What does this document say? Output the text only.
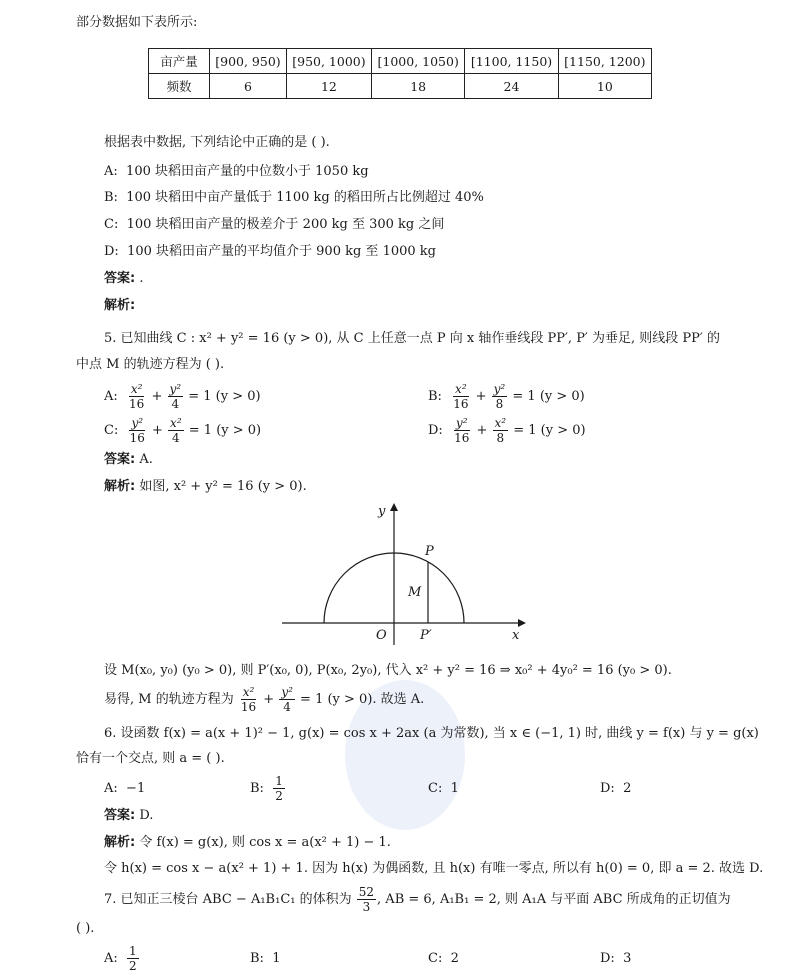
部分数据如下表所示:
亩产量	[900, 950)	[950, 1000)	[1000, 1050)	[1100, 1150)	[1150, 1200)
频数	6	12	18	24	10
根据表中数据, 下列结论中正确的是 ( ).
A: 100 块稻田亩产量的中位数小于 1050 kg
B: 100 块稻田中亩产量低于 1100 kg 的稻田所占比例超过 40%
C: 100 块稻田亩产量的极差介于 200 kg 至 300 kg 之间
D: 100 块稻田亩产量的平均值介于 900 kg 至 1000 kg
答案: .
解析:
5. 已知曲线 C : x² + y² = 16 (y > 0), 从 C 上任意一点 P 向 x 轴作垂线段 PP′, P′ 为垂足, 则线段 PP′ 的
中点 M 的轨迹方程为 ( ).
A: $\frac{\text{x²}}{16} + \frac{\text{y²}}{4} = 1$ (y > 0)	B: $\frac{\text{x²}}{16} + \frac{\text{y²}}{8} = 1$ (y > 0)
C: $\frac{\text{y²}}{16} + \frac{\text{x²}}{4} = 1$ (y > 0)	D: $\frac{\text{y²}}{16} + \frac{\text{x²}}{8} = 1$ (y > 0)
答案: A.
解析: 如图, x² + y² = 16 (y > 0).
y
x
O
P
M
P′
设 M(x₀, y₀) (y₀ > 0), 则 P′(x₀, 0), P(x₀, 2y₀), 代入 x² + y² = 16 ⇒ x₀² + 4y₀² = 16 (y₀ > 0).
易得, M 的轨迹方程为 $\frac{\text{x²}}{16} + \frac{\text{y²}}{4} = 1$ (y > 0). 故选 A.
6. 设函数 f(x) = a(x + 1)² − 1, g(x) = cos x + 2ax (a 为常数), 当 x ∈ (−1, 1) 时, 曲线 y = f(x) 与 y = g(x)
恰有一个交点, 则 a = ( ).
A: −1	B: $\frac{1}{2}$	C: 1	D: 2
答案: D.
解析: 令 f(x) = g(x), 则 cos x = a(x² + 1) − 1.
令 h(x) = cos x − a(x² + 1) + 1. 因为 h(x) 为偶函数, 且 h(x) 有唯一零点, 所以有 h(0) = 0, 即 a = 2. 故选 D.
7. 已知正三棱台 ABC − A₁B₁C₁ 的体积为 $\frac{52}{3}$ , AB = 6, A₁B₁ = 2, 则 A₁A 与平面 ABC 所成角的正切值为
( ).
A: $\frac{1}{2}$	B: 1	C: 2	D: 3
